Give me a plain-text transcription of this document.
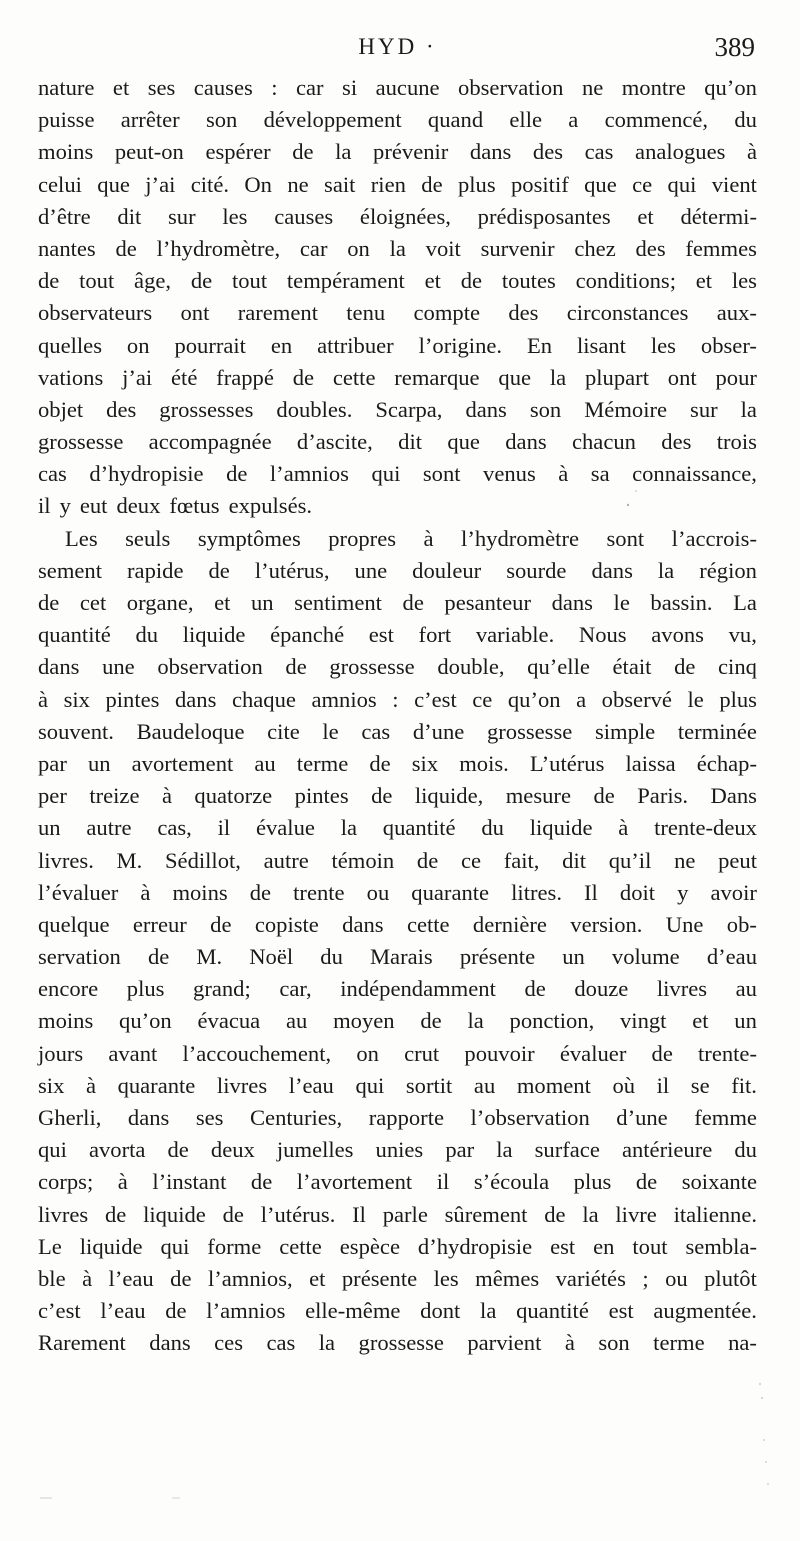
HYD ·	389
nature et ses causes : car si aucune observation ne montre qu’on
puisse arrêter son développement quand elle a commencé, du
moins peut-on espérer de la prévenir dans des cas analogues à
celui que j’ai cité. On ne sait rien de plus positif que ce qui vient
d’être dit sur les causes éloignées, prédisposantes et détermi-
nantes de l’hydromètre, car on la voit survenir chez des femmes
de tout âge, de tout tempérament et de toutes conditions; et les
observateurs ont rarement tenu compte des circonstances aux-
quelles on pourrait en attribuer l’origine. En lisant les obser-
vations j’ai été frappé de cette remarque que la plupart ont pour
objet des grossesses doubles. Scarpa, dans son Mémoire sur la
grossesse accompagnée d’ascite, dit que dans chacun des trois
cas d’hydropisie de l’amnios qui sont venus à sa connaissance,
il y eut deux fœtus expulsés.
Les seuls symptômes propres à l’hydromètre sont l’accrois-
sement rapide de l’utérus, une douleur sourde dans la région
de cet organe, et un sentiment de pesanteur dans le bassin. La
quantité du liquide épanché est fort variable. Nous avons vu,
dans une observation de grossesse double, qu’elle était de cinq
à six pintes dans chaque amnios : c’est ce qu’on a observé le plus
souvent. Baudeloque cite le cas d’une grossesse simple terminée
par un avortement au terme de six mois. L’utérus laissa échap-
per treize à quatorze pintes de liquide, mesure de Paris. Dans
un autre cas, il évalue la quantité du liquide à trente-deux
livres. M. Sédillot, autre témoin de ce fait, dit qu’il ne peut
l’évaluer à moins de trente ou quarante litres. Il doit y avoir
quelque erreur de copiste dans cette dernière version. Une ob-
servation de M. Noël du Marais présente un volume d’eau
encore plus grand; car, indépendamment de douze livres au
moins qu’on évacua au moyen de la ponction, vingt et un
jours avant l’accouchement, on crut pouvoir évaluer de trente-
six à quarante livres l’eau qui sortit au moment où il se fit.
Gherli, dans ses Centuries, rapporte l’observation d’une femme
qui avorta de deux jumelles unies par la surface antérieure du
corps; à l’instant de l’avortement il s’écoula plus de soixante
livres de liquide de l’utérus. Il parle sûrement de la livre italienne.
Le liquide qui forme cette espèce d’hydropisie est en tout sembla-
ble à l’eau de l’amnios, et présente les mêmes variétés ; ou plutôt
c’est l’eau de l’amnios elle-même dont la quantité est augmentée.
Rarement dans ces cas la grossesse parvient à son terme na-
